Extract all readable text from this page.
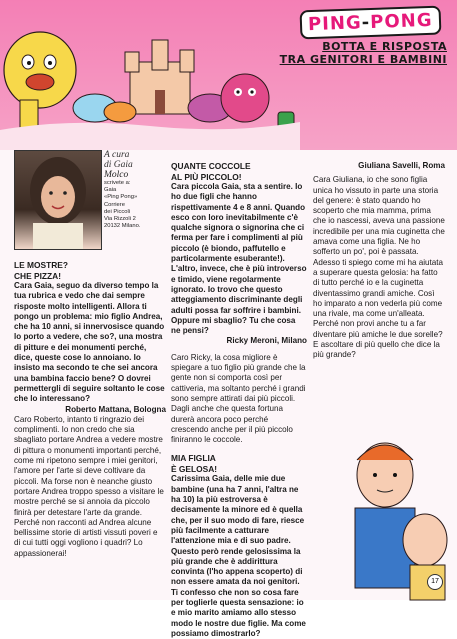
PING-PONG
BOTTA E RISPOSTA
TRA GENITORI E BAMBINI
A cura
di Gaia
Molco
scrivete a:
Gaia
«Ping Pong»
Corriere
dei Piccoli
Via Rizzoli 2
20132 Milano.

LE MOSTRE?

CHE PIZZA!

Cara Gaia, seguo da diverso tempo la tua rubrica e vedo che dai sempre risposte molto intelligenti. Allora ti pongo un problema: mio figlio Andrea, che ha 10 anni, si innervosisce quando lo porto a vedere, che so?, una mostra di pitture e dei monumenti perché, dice, queste cose lo annoiano. Io insisto ma secondo te che sei ancora una bambina faccio bene? O dovrei permettergli di seguire soltanto le cose che lo interessano?

Roberto Mattana, Bologna

Caro Roberto, intanto ti ringrazio dei complimenti. Io non credo che sia sbagliato portare Andrea a vedere mostre di pittura o monumenti importanti perché, come mi ripetono sempre i miei genitori, l'amore per l'arte si deve coltivare da piccoli. Ma forse non è neanche giusto portare Andrea troppo spesso a visitare le mostre perché se si annoia da piccolo finirà per detestare l'arte da grande. Perché non racconti ad Andrea alcune bellissime storie di artisti vissuti poveri e di cui tutti oggi vogliono i quadri? Lo appassionerai!

QUANTE COCCOLE

AL PIÙ PICCOLO!

Cara piccola Gaia, sta a sentire. Io ho due figli che hanno rispettivamente 4 e 8 anni. Quando esco con loro inevitabilmente c'è qualche signora o signorina che ci ferma per fare i complimenti al più piccolo (è biondo, paffutello e particolarmente esuberante!). L'altro, invece, che è più introverso e timido, viene regolarmente ignorato. Io trovo che questo atteggiamento discriminante degli adulti possa far soffrire i bambini. Oppure mi sbaglio? Tu che cosa ne pensi?

Ricky Meroni, Milano

Caro Ricky, la cosa migliore è spiegare a tuo figlio più grande che la gente non si comporta così per cattiveria, ma soltanto perché i grandi sono sempre attirati dai più piccoli. Dagli anche che questa fortuna durerà ancora poco perché crescendo anche per il più piccolo finiranno le coccole.

MIA FIGLIA

È GELOSA!

Carissima Gaia, delle mie due bambine (una ha 7 anni, l'altra ne ha 10) la più estroversa è decisamente la minore ed è quella che, per il suo modo di fare, riesce più facilmente a catturare l'attenzione mia e di suo padre. Questo però rende gelosissima la più grande che è addirittura convinta (l'ho appena scoperto) di non essere amata da noi genitori. Ti confesso che non so cosa fare per toglierle questa sensazione: io e mio marito amiamo allo stesso modo le nostre due figlie. Ma come possiamo dimostrarlo?

Giuliana Savelli, Roma

Cara Giuliana, io che sono figlia unica ho vissuto in parte una storia del genere: è stato quando ho scoperto che mia mamma, prima che io nascessi, aveva una passione incredibile per una mia cuginetta che amava come una figlia. Ne ho sofferto un po', poi è passata. Adesso ti spiego come mi ha aiutata a superare questa gelosia: ha fatto di tutto perché io e la cuginetta diventassimo grandi amiche. Così ho imparato a non vederla più come una rivale, ma come un'alleata. Perché non provi anche tu a far diventare più amiche le due sorelle? E ascoltare di più quello che dice la più grande?

17
